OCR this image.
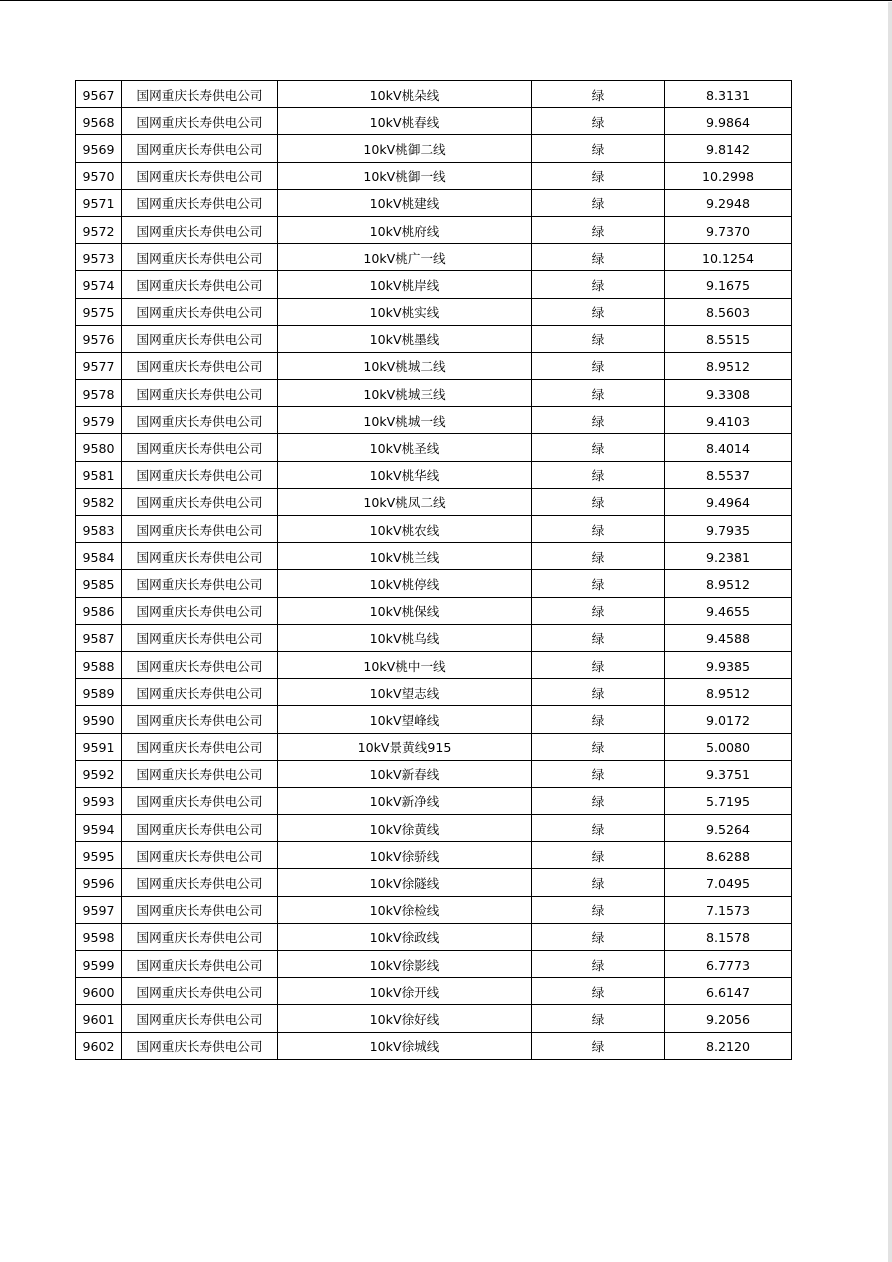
9567	国网重庆长寿供电公司	10kV桃朵线	绿	8.3131
9568	国网重庆长寿供电公司	10kV桃春线	绿	9.9864
9569	国网重庆长寿供电公司	10kV桃御二线	绿	9.8142
9570	国网重庆长寿供电公司	10kV桃御一线	绿	10.2998
9571	国网重庆长寿供电公司	10kV桃建线	绿	9.2948
9572	国网重庆长寿供电公司	10kV桃府线	绿	9.7370
9573	国网重庆长寿供电公司	10kV桃广一线	绿	10.1254
9574	国网重庆长寿供电公司	10kV桃岸线	绿	9.1675
9575	国网重庆长寿供电公司	10kV桃实线	绿	8.5603
9576	国网重庆长寿供电公司	10kV桃墨线	绿	8.5515
9577	国网重庆长寿供电公司	10kV桃城二线	绿	8.9512
9578	国网重庆长寿供电公司	10kV桃城三线	绿	9.3308
9579	国网重庆长寿供电公司	10kV桃城一线	绿	9.4103
9580	国网重庆长寿供电公司	10kV桃圣线	绿	8.4014
9581	国网重庆长寿供电公司	10kV桃华线	绿	8.5537
9582	国网重庆长寿供电公司	10kV桃凤二线	绿	9.4964
9583	国网重庆长寿供电公司	10kV桃农线	绿	9.7935
9584	国网重庆长寿供电公司	10kV桃兰线	绿	9.2381
9585	国网重庆长寿供电公司	10kV桃停线	绿	8.9512
9586	国网重庆长寿供电公司	10kV桃保线	绿	9.4655
9587	国网重庆长寿供电公司	10kV桃乌线	绿	9.4588
9588	国网重庆长寿供电公司	10kV桃中一线	绿	9.9385
9589	国网重庆长寿供电公司	10kV望志线	绿	8.9512
9590	国网重庆长寿供电公司	10kV望峰线	绿	9.0172
9591	国网重庆长寿供电公司	10kV景黄线915	绿	5.0080
9592	国网重庆长寿供电公司	10kV新春线	绿	9.3751
9593	国网重庆长寿供电公司	10kV新净线	绿	5.7195
9594	国网重庆长寿供电公司	10kV徐黄线	绿	9.5264
9595	国网重庆长寿供电公司	10kV徐骄线	绿	8.6288
9596	国网重庆长寿供电公司	10kV徐隧线	绿	7.0495
9597	国网重庆长寿供电公司	10kV徐检线	绿	7.1573
9598	国网重庆长寿供电公司	10kV徐政线	绿	8.1578
9599	国网重庆长寿供电公司	10kV徐影线	绿	6.7773
9600	国网重庆长寿供电公司	10kV徐开线	绿	6.6147
9601	国网重庆长寿供电公司	10kV徐好线	绿	9.2056
9602	国网重庆长寿供电公司	10kV徐城线	绿	8.2120
